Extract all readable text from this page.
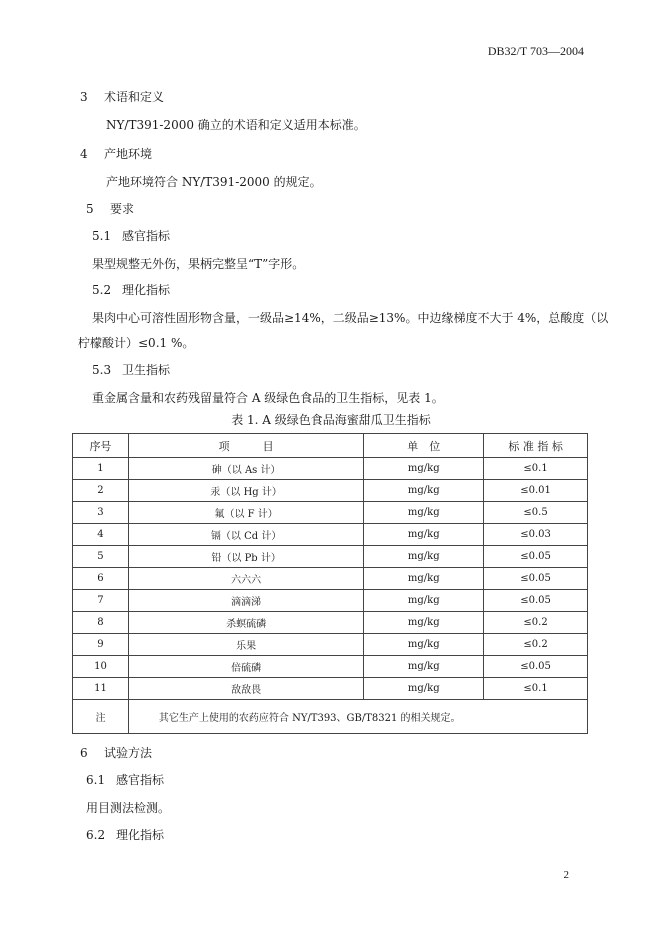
DB32/T 703—2004
3 术语和定义
NY/T391-2000 确立的术语和定义适用本标准。
4 产地环境
产地环境符合 NY/T391-2000 的规定。
5 要求
5.1 感官指标
果型规整无外伤，果柄完整呈“T”字形。
5.2 理化指标
果肉中心可溶性固形物含量，一级品≥14%，二级品≥13%。中边缘梯度不大于 4%，总酸度（以
柠檬酸计）≤0.1 %。
5.3 卫生指标
重金属含量和农药残留量符合 A 级绿色食品的卫生指标，见表 1。
表 1. A 级绿色食品海蜜甜瓜卫生指标
序号	项　　　目	单　位	标 准 指 标
1	砷（以 As 计）	mg/kg	≤0.1
2	汞（以 Hg 计）	mg/kg	≤0.01
3	氟（以 F 计）	mg/kg	≤0.5
4	镉（以 Cd 计）	mg/kg	≤0.03
5	铅（以 Pb 计）	mg/kg	≤0.05
6	六六六	mg/kg	≤0.05
7	滴滴涕	mg/kg	≤0.05
8	杀螟硫磷	mg/kg	≤0.2
9	乐果	mg/kg	≤0.2
10	倍硫磷	mg/kg	≤0.05
11	敌敌畏	mg/kg	≤0.1
注	其它生产上使用的农药应符合 NY/T393、GB/T8321 的相关规定。		
6 试验方法
6.1 感官指标
用目测法检测。
6.2 理化指标
2
